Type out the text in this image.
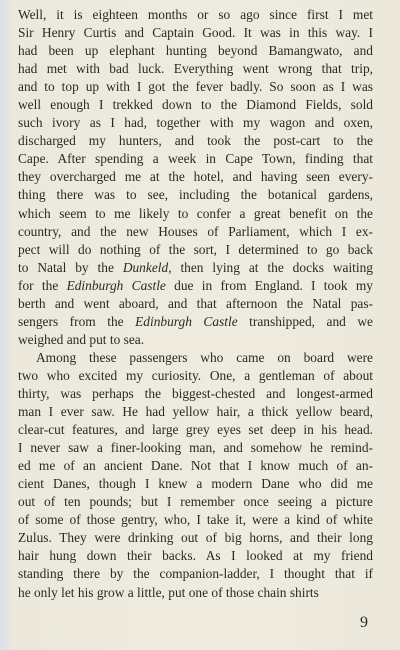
Well, it is eighteen months or so ago since first I met
Sir Henry Curtis and Captain Good. It was in this way. I
had been up elephant hunting beyond Bamangwato, and
had met with bad luck. Everything went wrong that trip,
and to top up with I got the fever badly. So soon as I was
well enough I trekked down to the Diamond Fields, sold
such ivory as I had, together with my wagon and oxen,
discharged my hunters, and took the post-cart to the
Cape. After spending a week in Cape Town, finding that
they overcharged me at the hotel, and having seen every-
thing there was to see, including the botanical gardens,
which seem to me likely to confer a great benefit on the
country, and the new Houses of Parliament, which I ex-
pect will do nothing of the sort, I determined to go back
to Natal by the Dunkeld, then lying at the docks waiting
for the Edinburgh Castle due in from England. I took my
berth and went aboard, and that afternoon the Natal pas-
sengers from the Edinburgh Castle transhipped, and we
weighed and put to sea.
Among these passengers who came on board were
two who excited my curiosity. One, a gentleman of about
thirty, was perhaps the biggest-chested and longest-armed
man I ever saw. He had yellow hair, a thick yellow beard,
clear-cut features, and large grey eyes set deep in his head.
I never saw a finer-looking man, and somehow he remind-
ed me of an ancient Dane. Not that I know much of an-
cient Danes, though I knew a modern Dane who did me
out of ten pounds; but I remember once seeing a picture
of some of those gentry, who, I take it, were a kind of white
Zulus. They were drinking out of big horns, and their long
hair hung down their backs. As I looked at my friend
standing there by the companion-ladder, I thought that if
he only let his grow a little, put one of those chain shirts
9
